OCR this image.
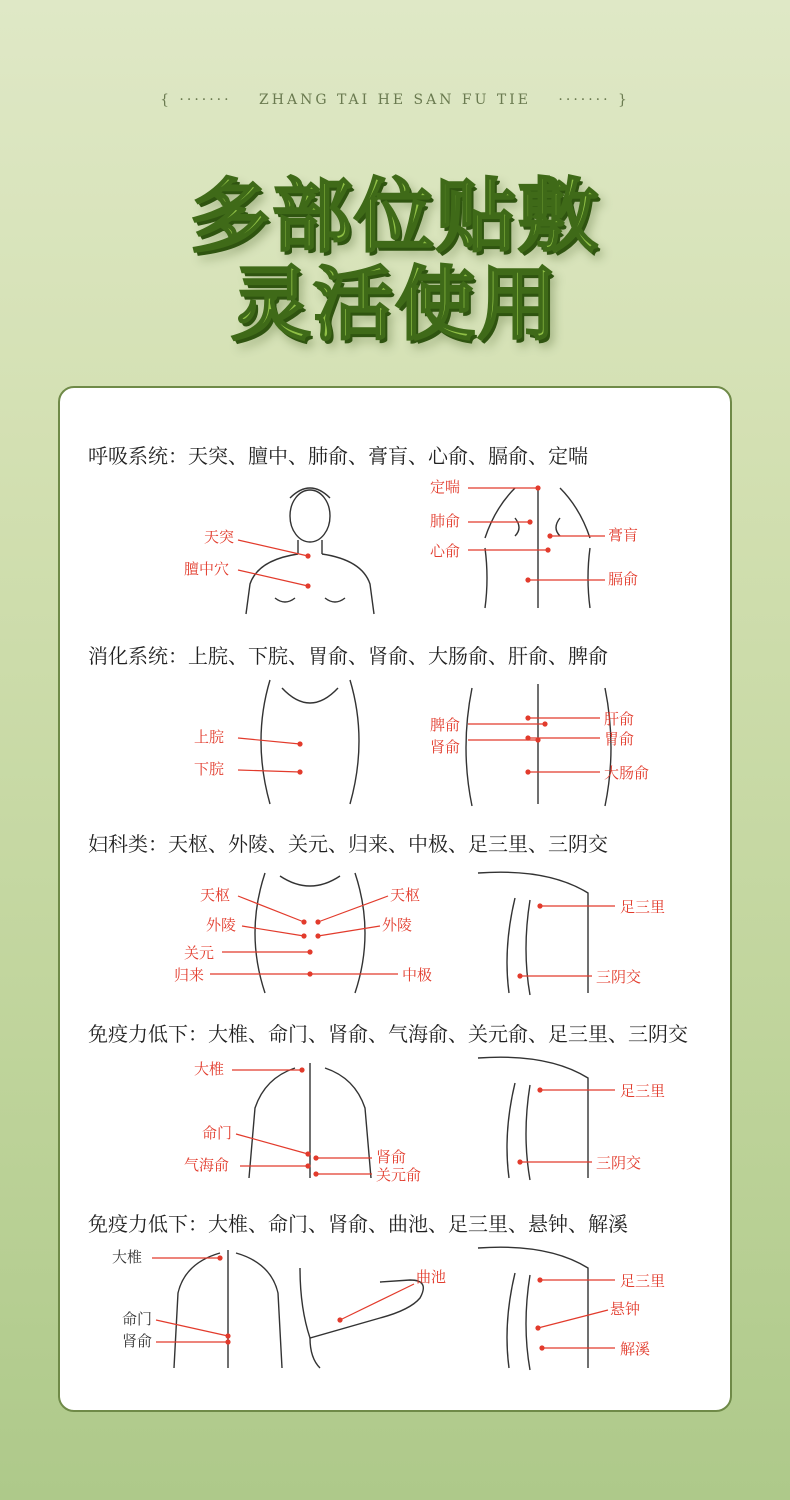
{ ······· ZHANG TAI HE SAN FU TIE ······· }
多部位贴敷
灵活使用
呼吸系统：天突、膻中、肺俞、膏肓、心俞、膈俞、定喘
消化系统：上脘、下脘、胃俞、肾俞、大肠俞、肝俞、脾俞
妇科类：天枢、外陵、关元、归来、中极、足三里、三阴交
免疫力低下：大椎、命门、肾俞、气海俞、关元俞、足三里、三阴交
免疫力低下：大椎、命门、肾俞、曲池、足三里、悬钟、解溪
天突
膻中穴
定喘
肺俞
心俞
膏肓
膈俞
上脘
下脘
脾俞
肾俞
肝俞
胃俞
大肠俞
天枢
外陵
关元
归来
天枢
外陵
中极
足三里
三阴交
大椎
命门
气海俞	肾俞
关元俞
足三里
三阴交
大椎
命门
肾俞
曲池	足三里
悬钟
解溪
